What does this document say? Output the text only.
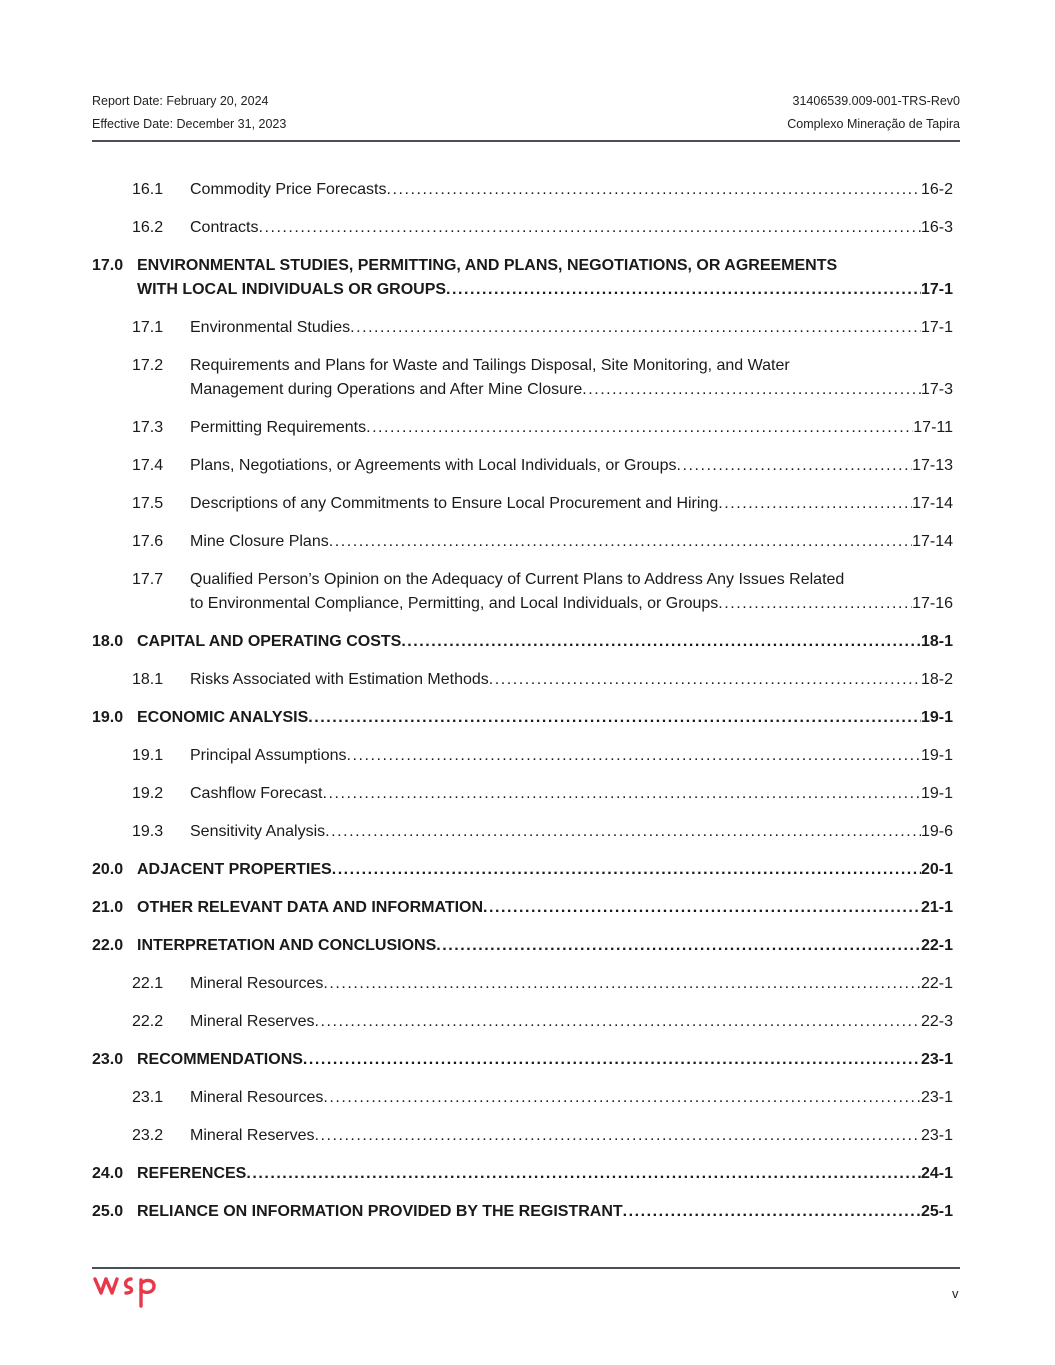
Report Date: February 20, 2024
Effective Date: December 31, 2023
31406539.009-001-TRS-Rev0
Complexo Mineração de Tapira
16.1	Commodity Price Forecasts . . .	16-2
16.2	Contracts . . .	16-3
17.0 ENVIRONMENTAL STUDIES, PERMITTING, AND PLANS, NEGOTIATIONS, OR AGREEMENTS
WITH LOCAL INDIVIDUALS OR GROUPS . . .	17-1
17.1	Environmental Studies . . .	17-1
17.2	Requirements and Plans for Waste and Tailings Disposal, Site Monitoring, and Water
Management during Operations and After Mine Closure . . .	17-3
17.3	Permitting Requirements . . .	17-11
17.4	Plans, Negotiations, or Agreements with Local Individuals, or Groups . . .	17-13
17.5	Descriptions of any Commitments to Ensure Local Procurement and Hiring . . .	17-14
17.6	Mine Closure Plans . . .	17-14
17.7	Qualified Person’s Opinion on the Adequacy of Current Plans to Address Any Issues Related
to Environmental Compliance, Permitting, and Local Individuals, or Groups . . .	17-16
18.0 CAPITAL AND OPERATING COSTS . . .	18-1
18.1	Risks Associated with Estimation Methods . . .	18-2
19.0 ECONOMIC ANALYSIS . . .	19-1
19.1	Principal Assumptions . . .	19-1
19.2	Cashflow Forecast . . .	19-1
19.3	Sensitivity Analysis . . .	19-6
20.0 ADJACENT PROPERTIES . . .	20-1
21.0 OTHER RELEVANT DATA AND INFORMATION . . .	21-1
22.0 INTERPRETATION AND CONCLUSIONS . . .	22-1
22.1	Mineral Resources . . .	22-1
22.2	Mineral Reserves . . .	22-3
23.0 RECOMMENDATIONS . . .	23-1
23.1	Mineral Resources . . .	23-1
23.2	Mineral Reserves . . .	23-1
24.0 REFERENCES . . .	24-1
25.0 RELIANCE ON INFORMATION PROVIDED BY THE REGISTRANT . . .	25-1
v
